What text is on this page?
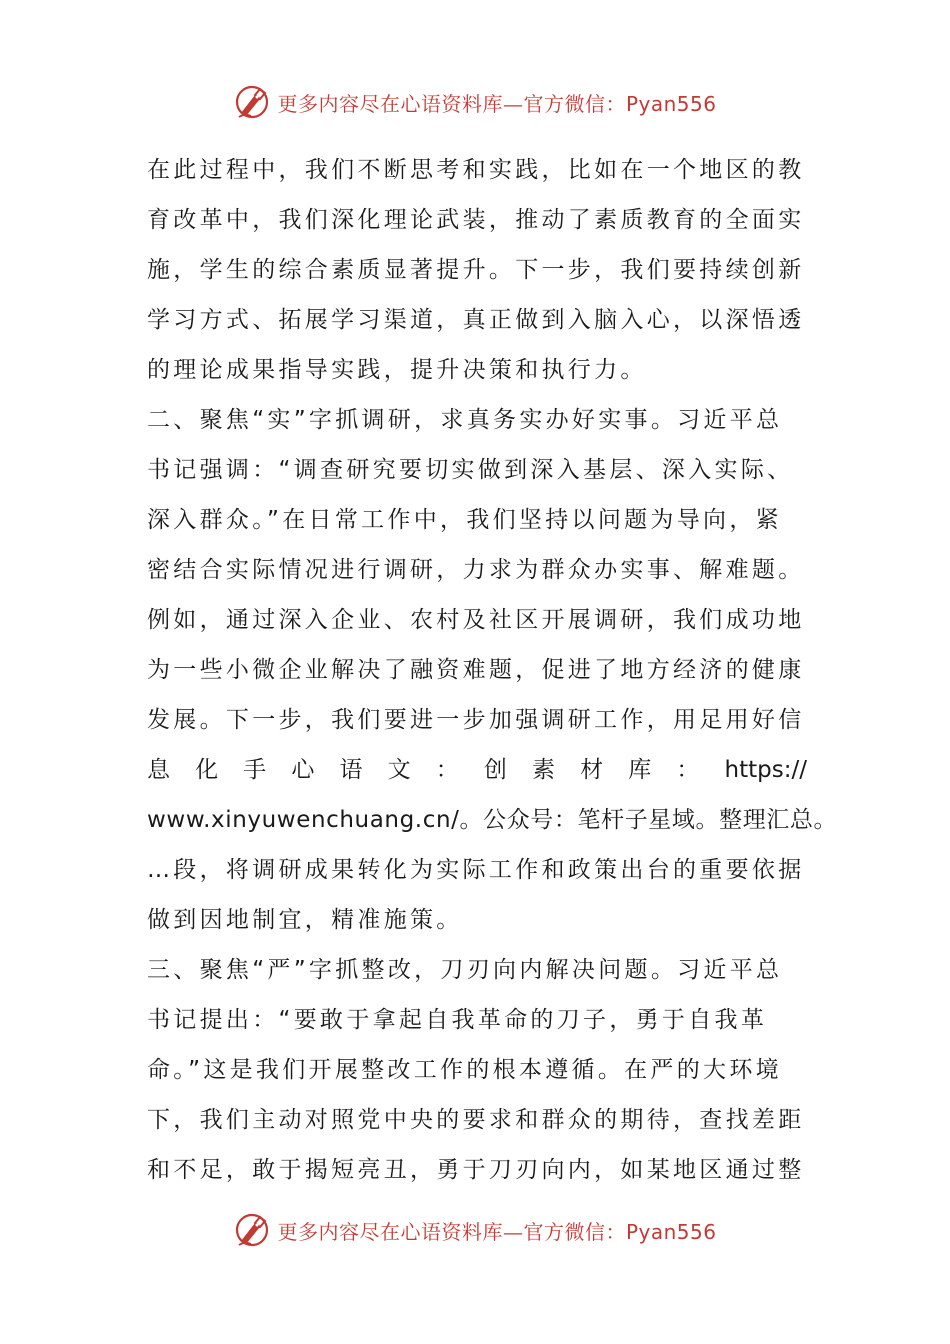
更多内容尽在心语资料库—官方微信：Pyan556
在此过程中，我们不断思考和实践，比如在一个地区的教
育改革中，我们深化理论武装，推动了素质教育的全面实
施，学生的综合素质显著提升。下一步，我们要持续创新
学习方式、拓展学习渠道，真正做到入脑入心，以深悟透
的理论成果指导实践，提升决策和执行力。
二、聚焦“实”字抓调研，求真务实办好实事。习近平总
书记强调：“调查研究要切实做到深入基层、深入实际、
深入群众。”在日常工作中，我们坚持以问题为导向，紧
密结合实际情况进行调研，力求为群众办实事、解难题。
例如，通过深入企业、农村及社区开展调研，我们成功地
为一些小微企业解决了融资难题，促进了地方经济的健康
发展。下一步，我们要进一步加强调研工作，用足用好信
息 化 手 心 语 文 ： 创 素 材 库 ： https://
www.xinyuwenchuang.cn/。公众号：笔杆子星域。整理汇总。
…段，将调研成果转化为实际工作和政策出台的重要依据
做到因地制宜，精准施策。
三、聚焦“严”字抓整改，刀刃向内解决问题。习近平总
书记提出：“要敢于拿起自我革命的刀子，勇于自我革
命。”这是我们开展整改工作的根本遵循。在严的大环境
下，我们主动对照党中央的要求和群众的期待，查找差距
和不足，敢于揭短亮丑，勇于刀刃向内，如某地区通过整
更多内容尽在心语资料库—官方微信：Pyan556
